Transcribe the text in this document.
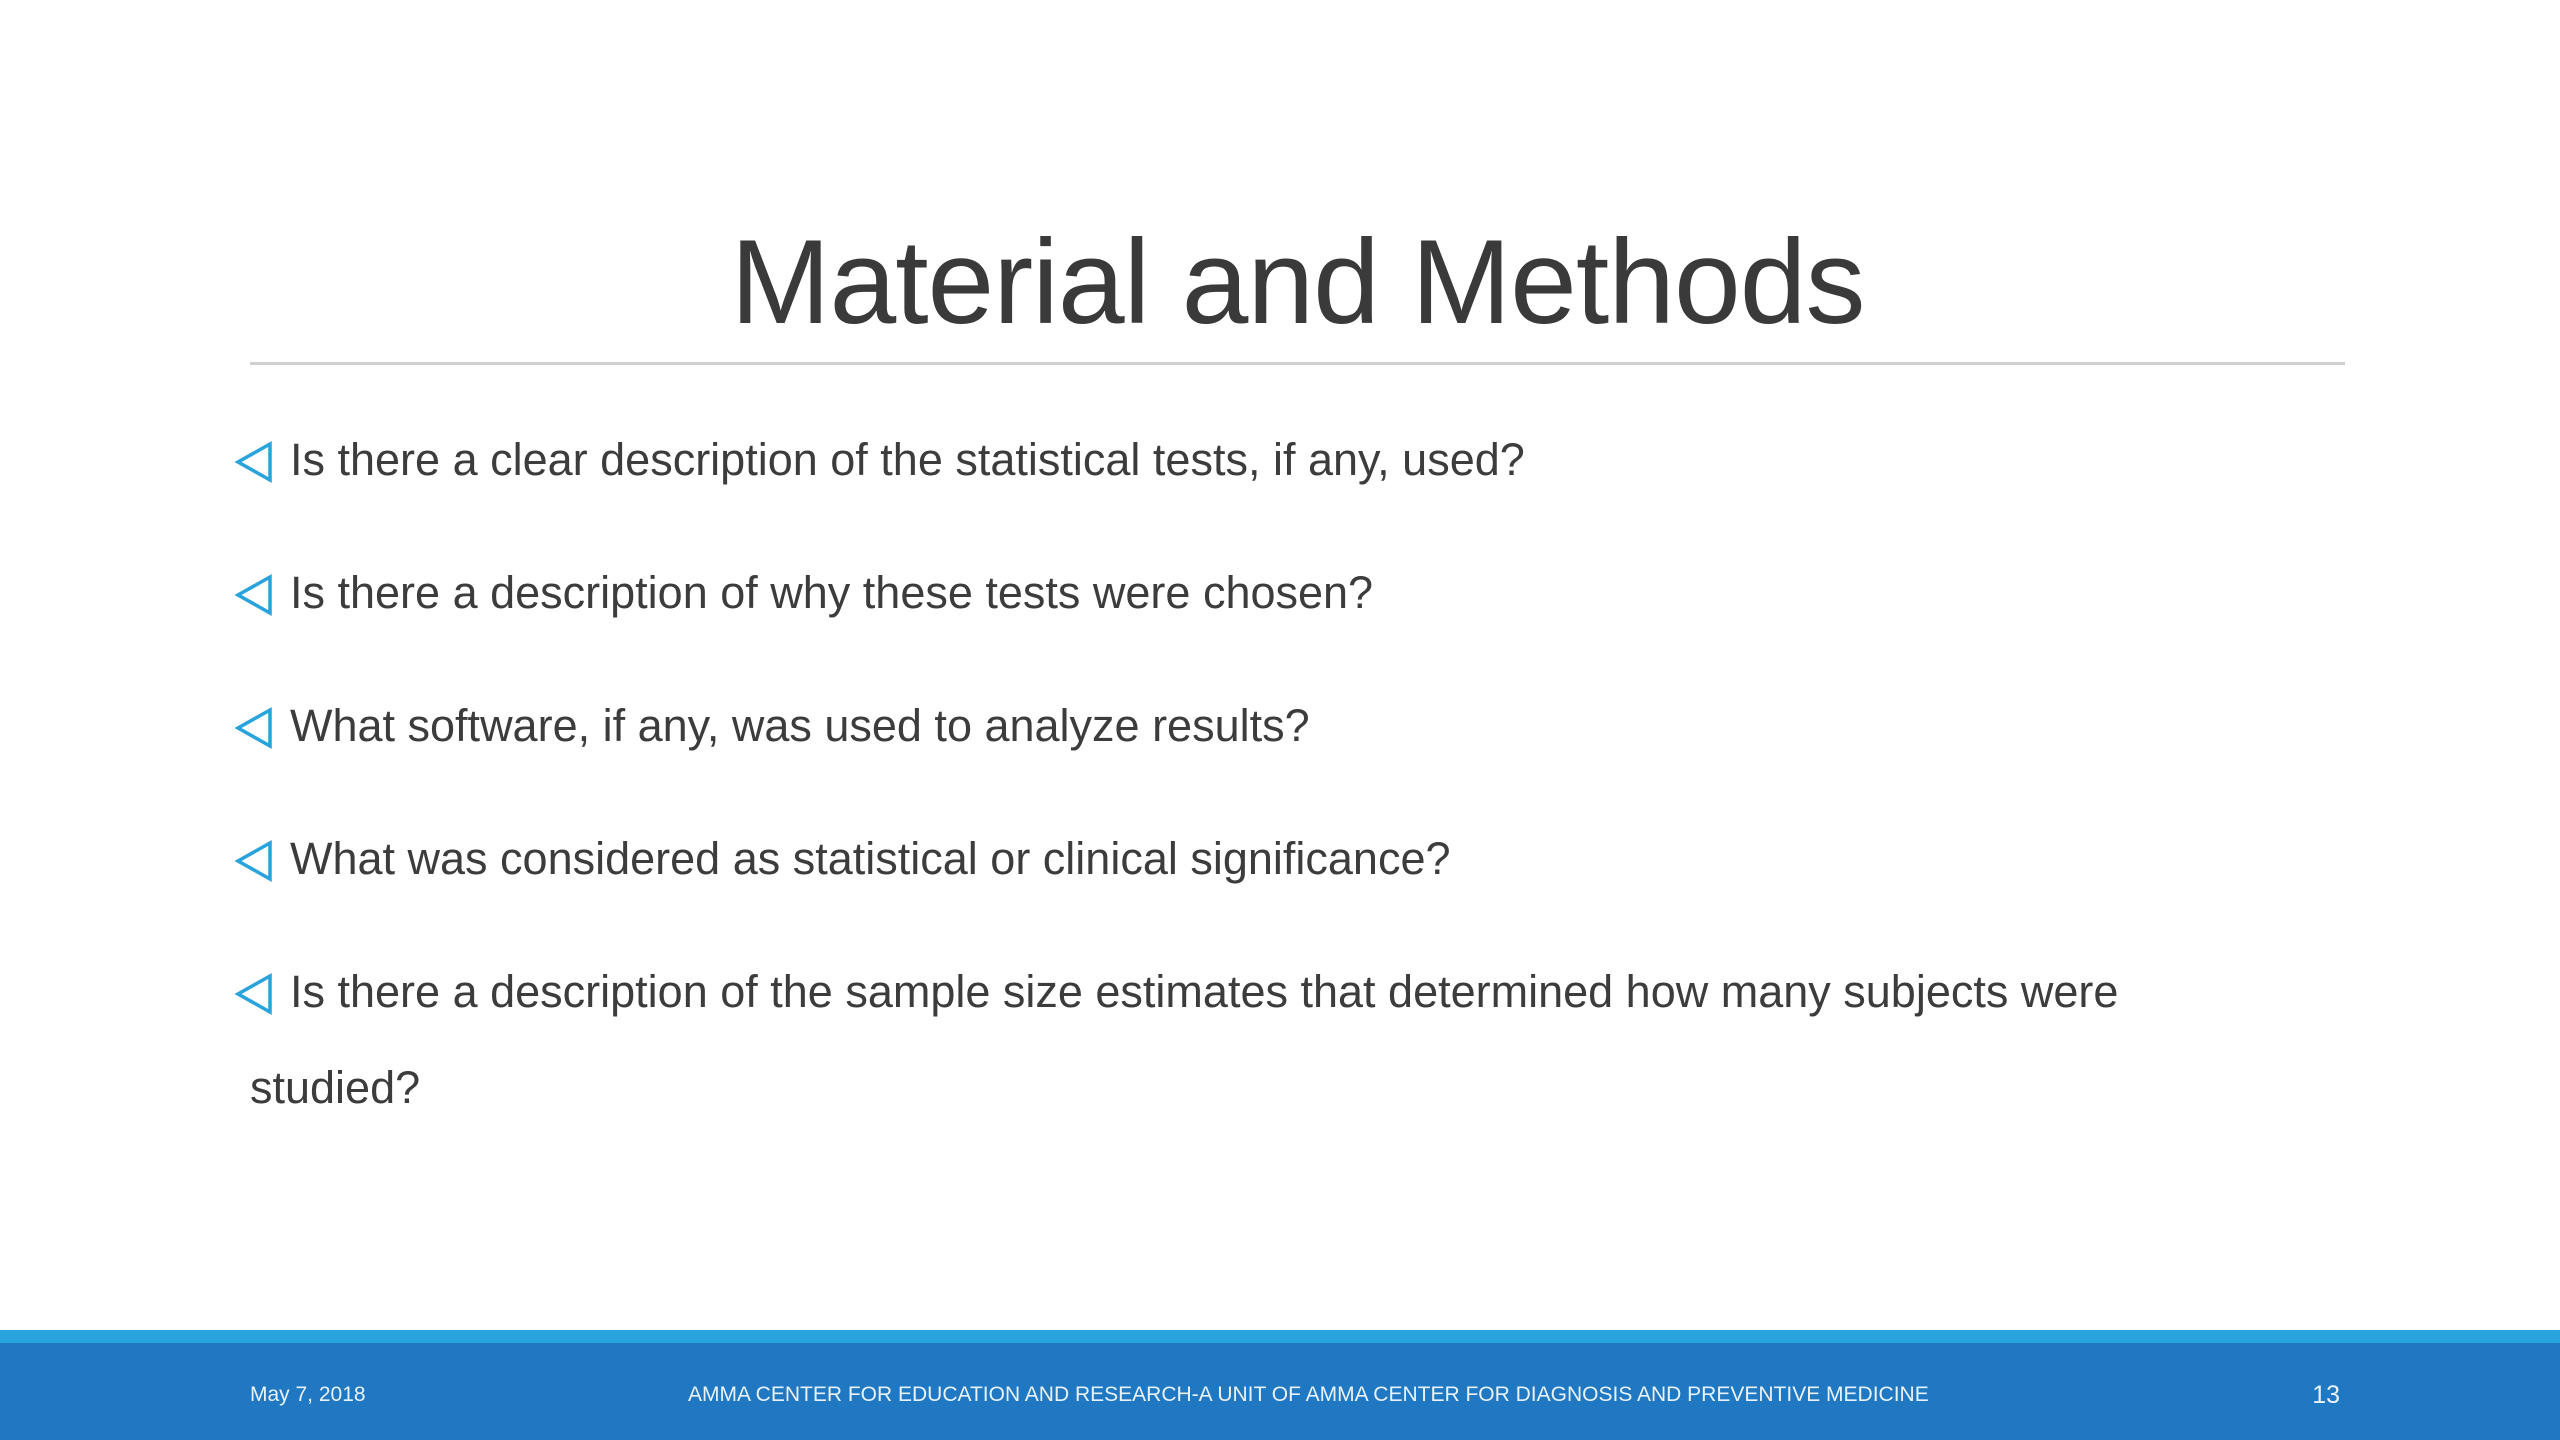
Material and Methods
Is there a clear description of the statistical tests, if any, used?
Is there a description of why these tests were chosen?
What software, if any, was used to analyze results?
What was considered as statistical or clinical significance?
Is there a description of the sample size estimates that determined how many subjects were
studied?
May 7, 2018	AMMA CENTER FOR EDUCATION AND RESEARCH-A UNIT OF AMMA CENTER FOR DIAGNOSIS AND PREVENTIVE MEDICINE	13
